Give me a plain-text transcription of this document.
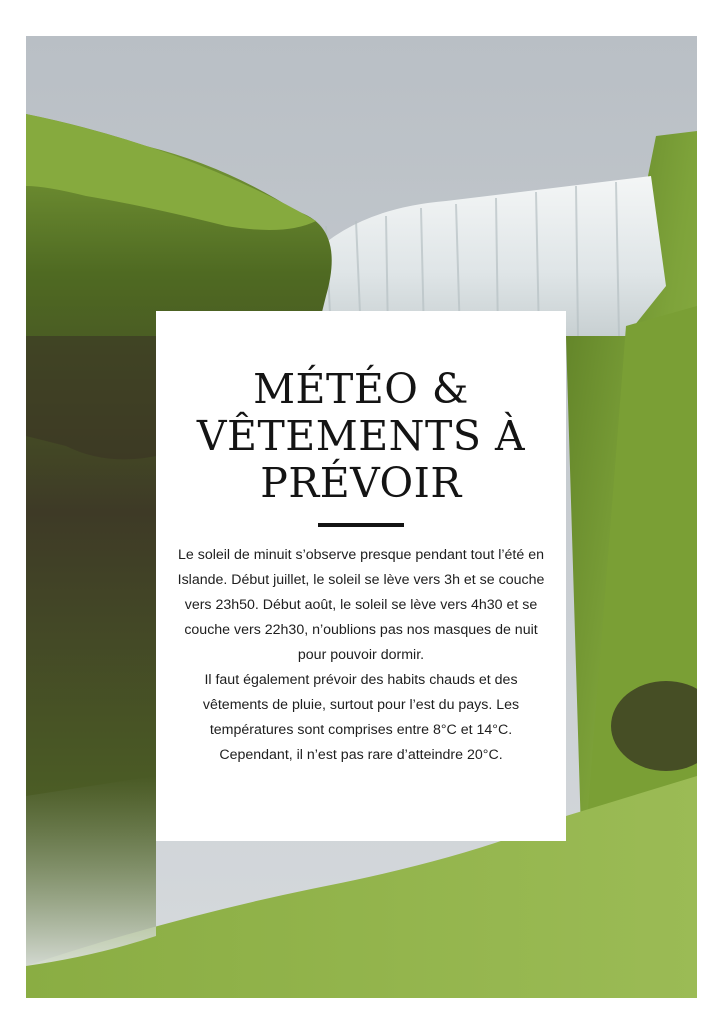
MÉTÉO &
VÊTEMENTS À
PRÉVOIR

Le soleil de minuit s’observe presque pendant tout l’été en Islande. Début juillet, le soleil se lève vers 3h et se couche vers 23h50. Début août, le soleil se lève vers 4h30 et se couche vers 22h30, n’oublions pas nos masques de nuit pour pouvoir dormir.

Il faut également prévoir des habits chauds et des vêtements de pluie, surtout pour l’est du pays. Les températures sont comprises entre 8°C et 14°C. Cependant, il n’est pas rare d’atteindre 20°C.
